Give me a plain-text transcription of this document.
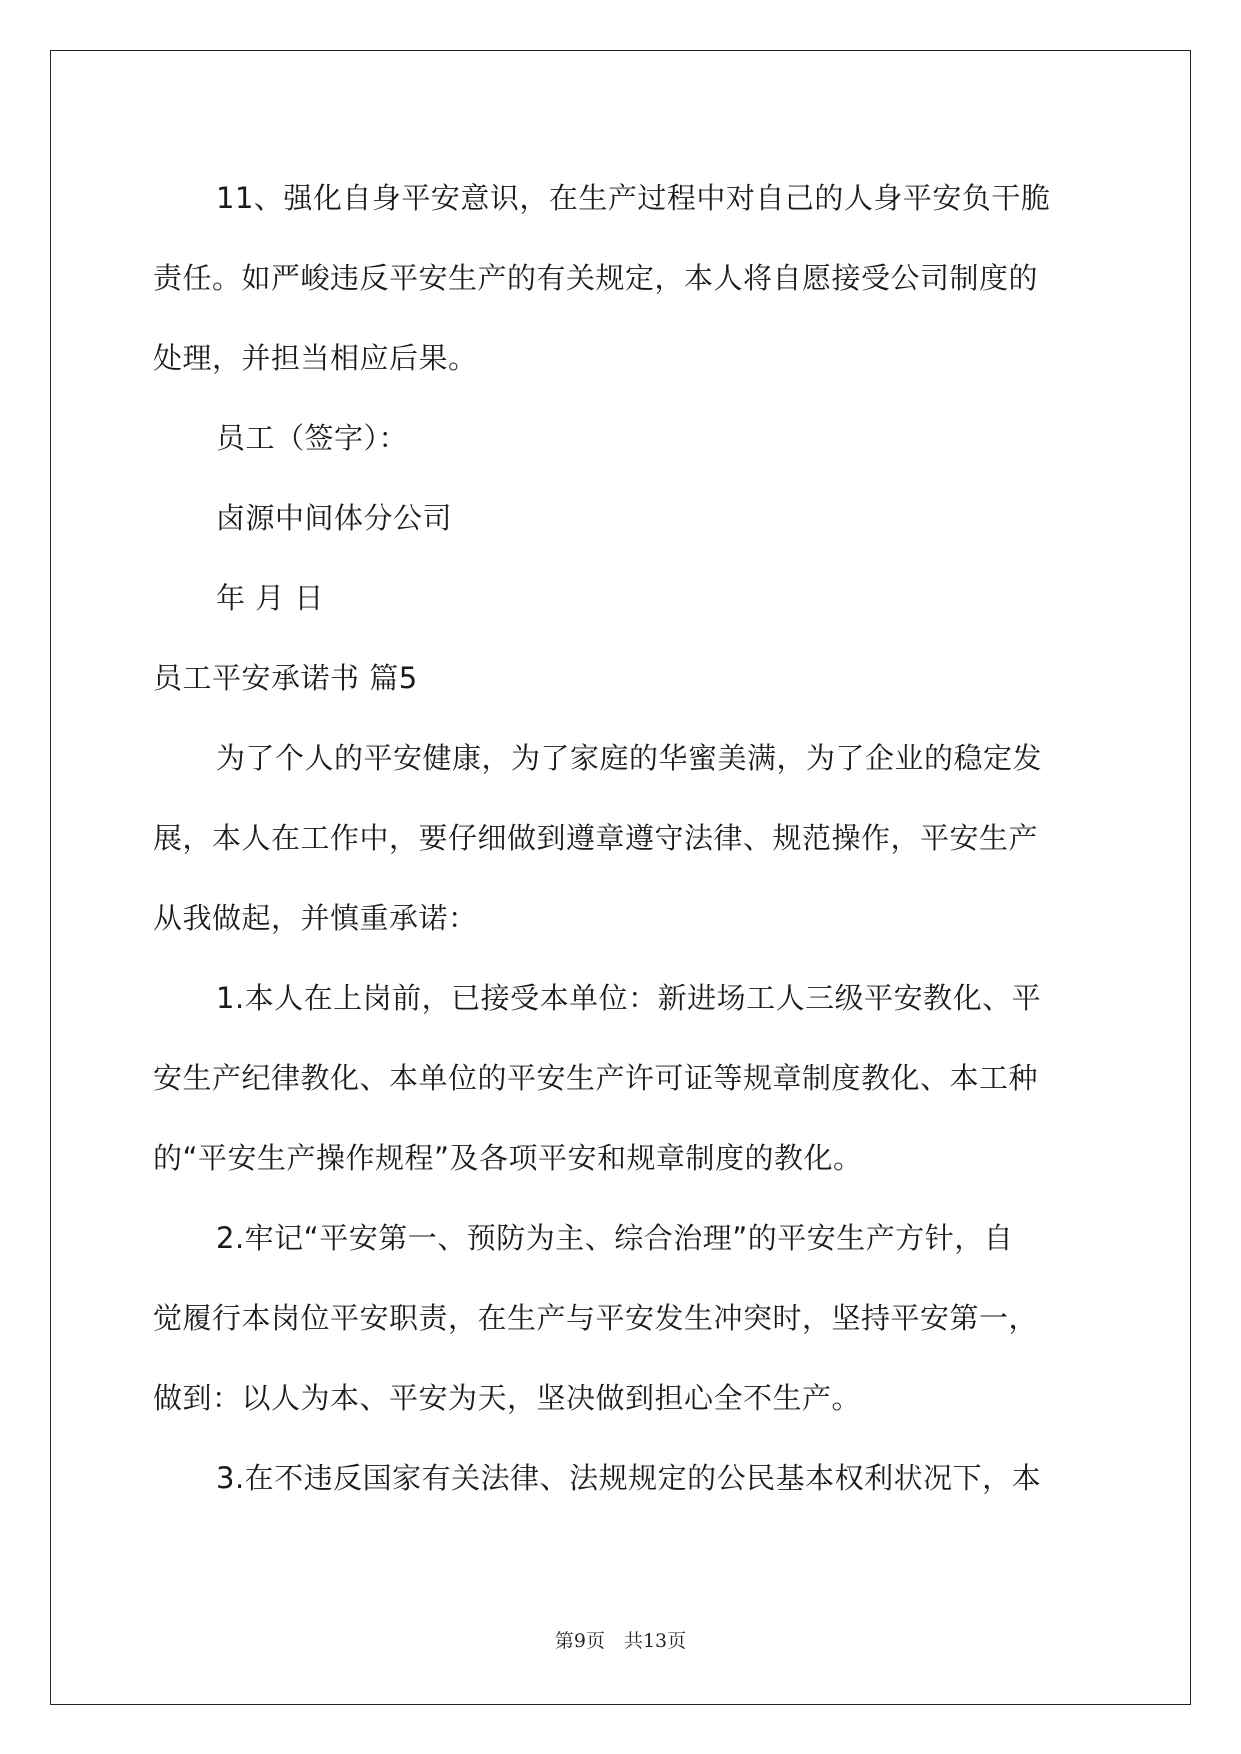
11、强化自身平安意识，在生产过程中对自己的人身平安负干脆
责任。如严峻违反平安生产的有关规定，本人将自愿接受公司制度的
处理，并担当相应后果。
员工（签字）：
卤源中间体分公司
年 月 日
员工平安承诺书 篇5
为了个人的平安健康，为了家庭的华蜜美满，为了企业的稳定发
展，本人在工作中，要仔细做到遵章遵守法律、规范操作，平安生产
从我做起，并慎重承诺：
1.本人在上岗前，已接受本单位：新进场工人三级平安教化、平
安生产纪律教化、本单位的平安生产许可证等规章制度教化、本工种
的“平安生产操作规程”及各项平安和规章制度的教化。
2.牢记“平安第一、预防为主、综合治理”的平安生产方针，自
觉履行本岗位平安职责，在生产与平安发生冲突时，坚持平安第一，
做到：以人为本、平安为天，坚决做到担心全不生产。
3.在不违反国家有关法律、法规规定的公民基本权利状况下，本
第9页　共13页
